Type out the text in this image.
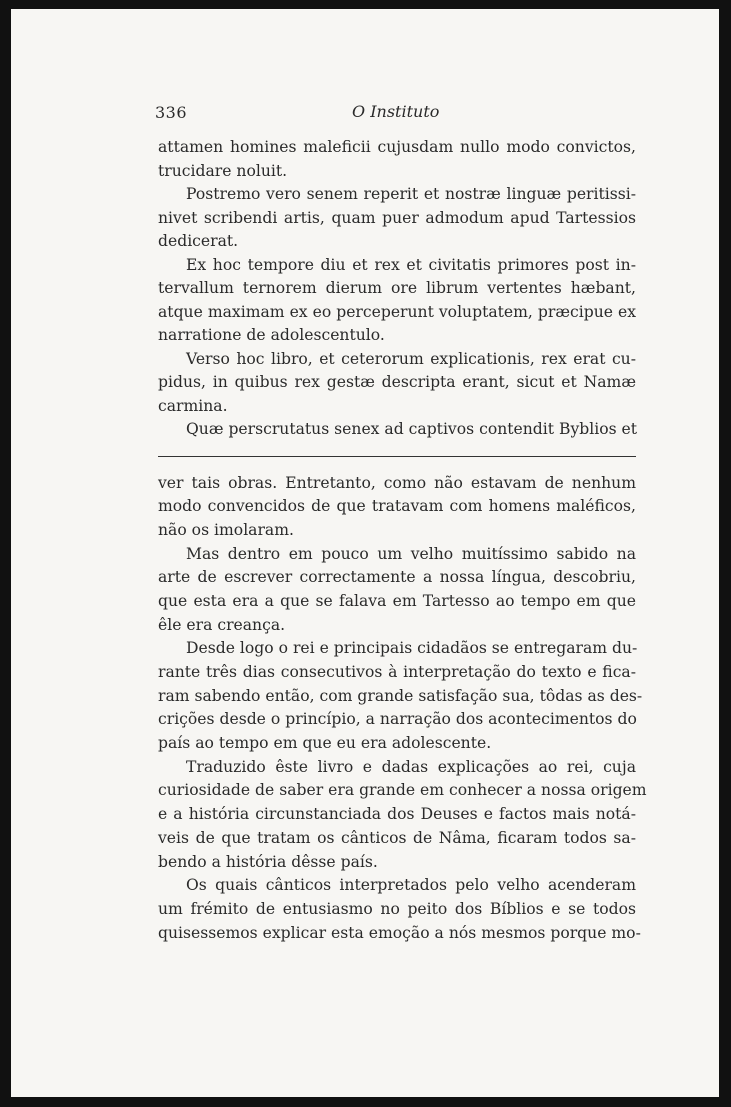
336	O Instituto
attamen homines maleficii cujusdam nullo modo convictos,
trucidare noluit.
Postremo vero senem reperit et nostræ linguæ peritissi-
nivet scribendi artis, quam puer admodum apud Tartessios
dedicerat.
Ex hoc tempore diu et rex et civitatis primores post in-
tervallum ternorem dierum ore librum vertentes hæbant,
atque maximam ex eo perceperunt voluptatem, præcipue ex
narratione de adolescentulo.
Verso hoc libro, et ceterorum explicationis, rex erat cu-
pidus, in quibus rex gestæ descripta erant, sicut et Namæ
carmina.
Quæ perscrutatus senex ad captivos contendit Byblios et
ver tais obras. Entretanto, como não estavam de nenhum
modo convencidos de que tratavam com homens maléficos,
não os imolaram.
Mas dentro em pouco um velho muitíssimo sabido na
arte de escrever correctamente a nossa língua, descobriu,
que esta era a que se falava em Tartesso ao tempo em que
êle era creança.
Desde logo o rei e principais cidadãos se entregaram du-
rante três dias consecutivos à interpretação do texto e fica-
ram sabendo então, com grande satisfação sua, tôdas as des-
crições desde o princípio, a narração dos acontecimentos do
país ao tempo em que eu era adolescente.
Traduzido êste livro e dadas explicações ao rei, cuja
curiosidade de saber era grande em conhecer a nossa origem
e a história circunstanciada dos Deuses e factos mais notá-
veis de que tratam os cânticos de Nâma, ficaram todos sa-
bendo a história dêsse país.
Os quais cânticos interpretados pelo velho acenderam
um frémito de entusiasmo no peito dos Bíblios e se todos
quisessemos explicar esta emoção a nós mesmos porque mo-
